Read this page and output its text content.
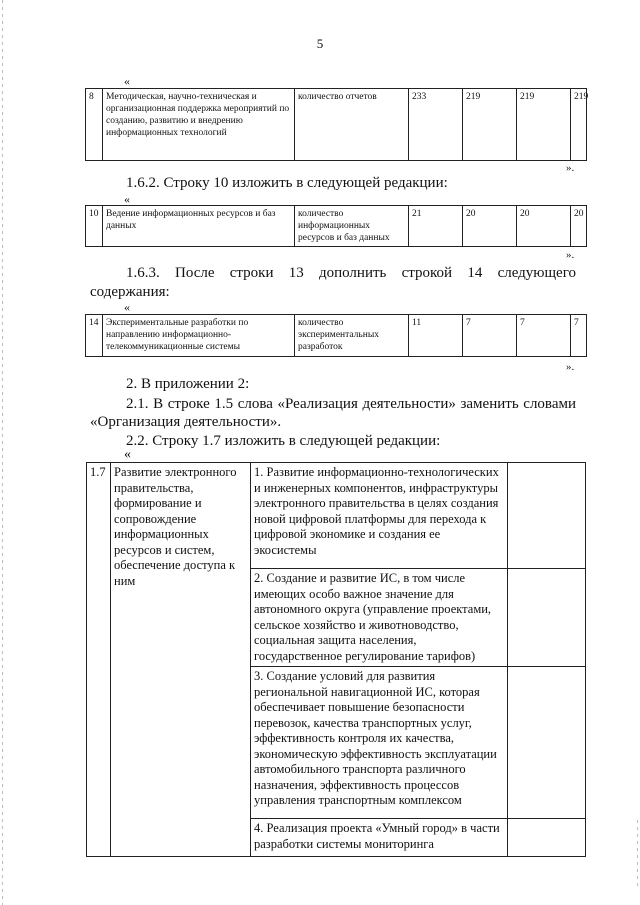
5
«
8	Методическая, научно-техническая и организационная поддержка мероприятий по созданию, развитию и внедрению информационных технологий	количество отчетов	233	219	219	219
».
1.6.2. Строку 10 изложить в следующей редакции:
«
10	Ведение информационных ресурсов и баз данных	количество информационных ресурсов и баз данных	21	20	20	20
».
1.6.3. После строки 13 дополнить строкой 14 следующего
содержания:
«
14	Экспериментальные разработки по направлению информационно-телекоммуникационные системы	количество экспериментальных разработок	11	7	7	7
».
2. В приложении 2:
2.1. В строке 1.5 слова «Реализация деятельности» заменить словами
«Организация деятельности».
2.2. Строку 1.7 изложить в следующей редакции:
«
1.7	Развитие электронного правительства, формирование и сопровождение информационных ресурсов и систем, обеспечение доступа к ним	1. Развитие информационно-технологических и инженерных компонентов, инфраструктуры электронного правительства в целях создания новой цифровой платформы для перехода к цифровой экономике и создания ее экосистемы	
		2. Создание и развитие ИС, в том числе имеющих особо важное значение для автономного округа (управление проектами, сельское хозяйство и животноводство, социальная защита населения, государственное регулирование тарифов)	
		3. Создание условий для развития региональной навигационной ИС, которая обеспечивает повышение безопасности перевозок, качества транспортных услуг, эффективность контроля их качества, экономическую эффективность эксплуатации автомобильного транспорта различного назначения, эффективность процессов управления транспортным комплексом	
		4. Реализация проекта «Умный город» в части разработки системы мониторинга	
